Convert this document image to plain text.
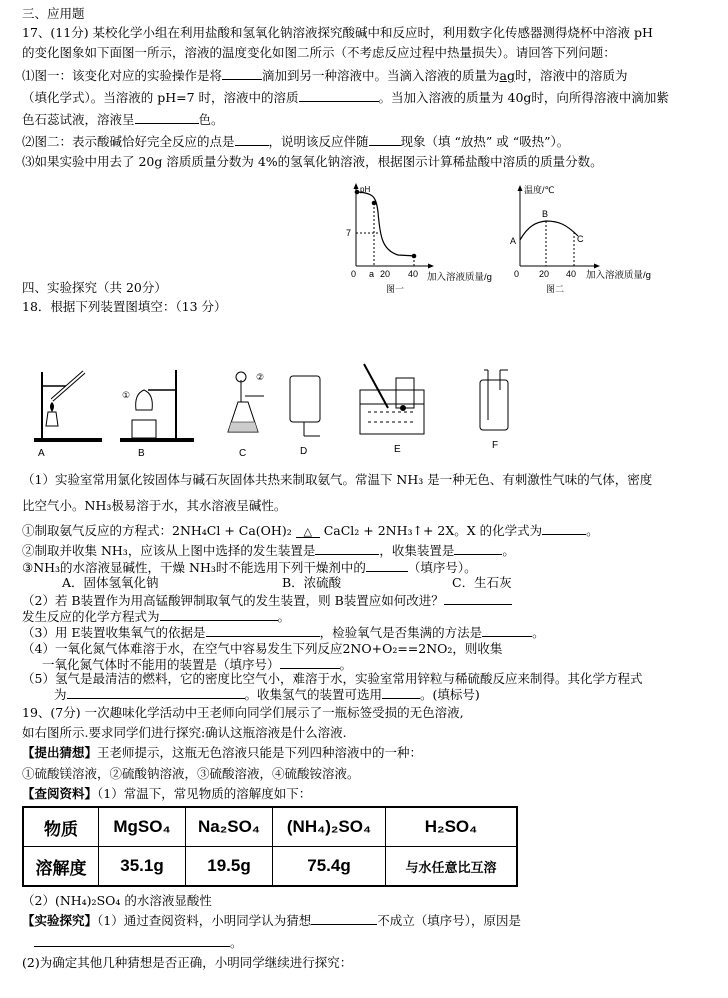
三、应用题
17、(11分) 某校化学小组在利用盐酸和氢氧化钠溶液探究酸碱中和反应时，利用数字化传感器测得烧杯中溶液 pH
的变化图象如下面图一所示，溶液的温度变化如图二所示（不考虑反应过程中热量损失）。请回答下列问题：
⑴图一：该变化对应的实验操作是将	滴加到另一种溶液中。当滴入溶液的质量为ag时，溶液中的溶质为
（填化学式）。当溶液的 pH=7 时，溶液中的溶质	。当加入溶液的质量为 40g时，向所得溶液中滴加紫
色石蕊试液，溶液呈	色。
⑵图二：表示酸碱恰好完全反应的点是	，说明该反应伴随	现象（填 “放热” 或 “吸热”）。
⑶如果实验中用去了 20g 溶质质量分数为 4%的氢氧化钠溶液，根据图示计算稀盐酸中溶质的质量分数。
pH
7
0 a 20 40 加入溶液质量/g
图一
温度/℃
A
B
C
0 20 40 加入溶液质量/g
图二
四、实验探究（共 20分）
18．根据下列装置图填空：（13 分）
A
①
B
②
C	D	E	F
（1）实验室常用氯化铵固体与碱石灰固体共热来制取氨气。常温下 NH₃ 是一种无色、有刺激性气味的气体，密度
比空气小。NH₃极易溶于水，其水溶液呈碱性。
①制取氨气反应的方程式：2NH₄Cl + Ca(OH)₂	△ CaCl₂ + 2NH₃↑+ 2X。X 的化学式为	。
②制取并收集 NH₃，应该从上图中选择的发生装置是	，收集装置是	。
③NH₃的水溶液显碱性，干燥 NH₃时不能选用下列干燥剂中的	（填序号）。
A．固体氢氧化钠	B．浓硫酸	C．生石灰
（2）若 B装置作为用高锰酸钾制取氧气的发生装置，则 B装置应如何改进？
发生反应的化学方程式为	。
（3）用 E装置收集氧气的依据是	，检验氧气是否集满的方法是	。
（4）一氧化氮气体难溶于水，在空气中容易发生下列反应2NO+O₂==2NO₂，则收集
一氧化氮气体时不能用的装置是（填序号）	。
（5）氢气是最清洁的燃料，它的密度比空气小，难溶于水，实验室常用锌粒与稀硫酸反应来制得。其化学方程式
为	。收集氢气的装置可选用	。(填标号)
19、(7分) 一次趣味化学活动中王老师向同学们展示了一瓶标签受损的无色溶液,
如右图所示.要求同学们进行探究:确认这瓶溶液是什么溶液.
【提出猜想】王老师提示，这瓶无色溶液只能是下列四种溶液中的一种：
①硫酸镁溶液，②硫酸钠溶液，③硫酸溶液，④硫酸铵溶液。
【查阅资料】（1）常温下，常见物质的溶解度如下：
物质	MgSO₄	Na₂SO₄	(NH₄)₂SO₄	H₂SO₄
溶解度	35.1g	19.5g	75.4g	与水任意比互溶
（2）(NH₄)₂SO₄ 的水溶液显酸性
【实验探究】（1）通过查阅资料，小明同学认为猜想	不成立（填序号），原因是
。
(2)为确定其他几种猜想是否正确，小明同学继续进行探究：
